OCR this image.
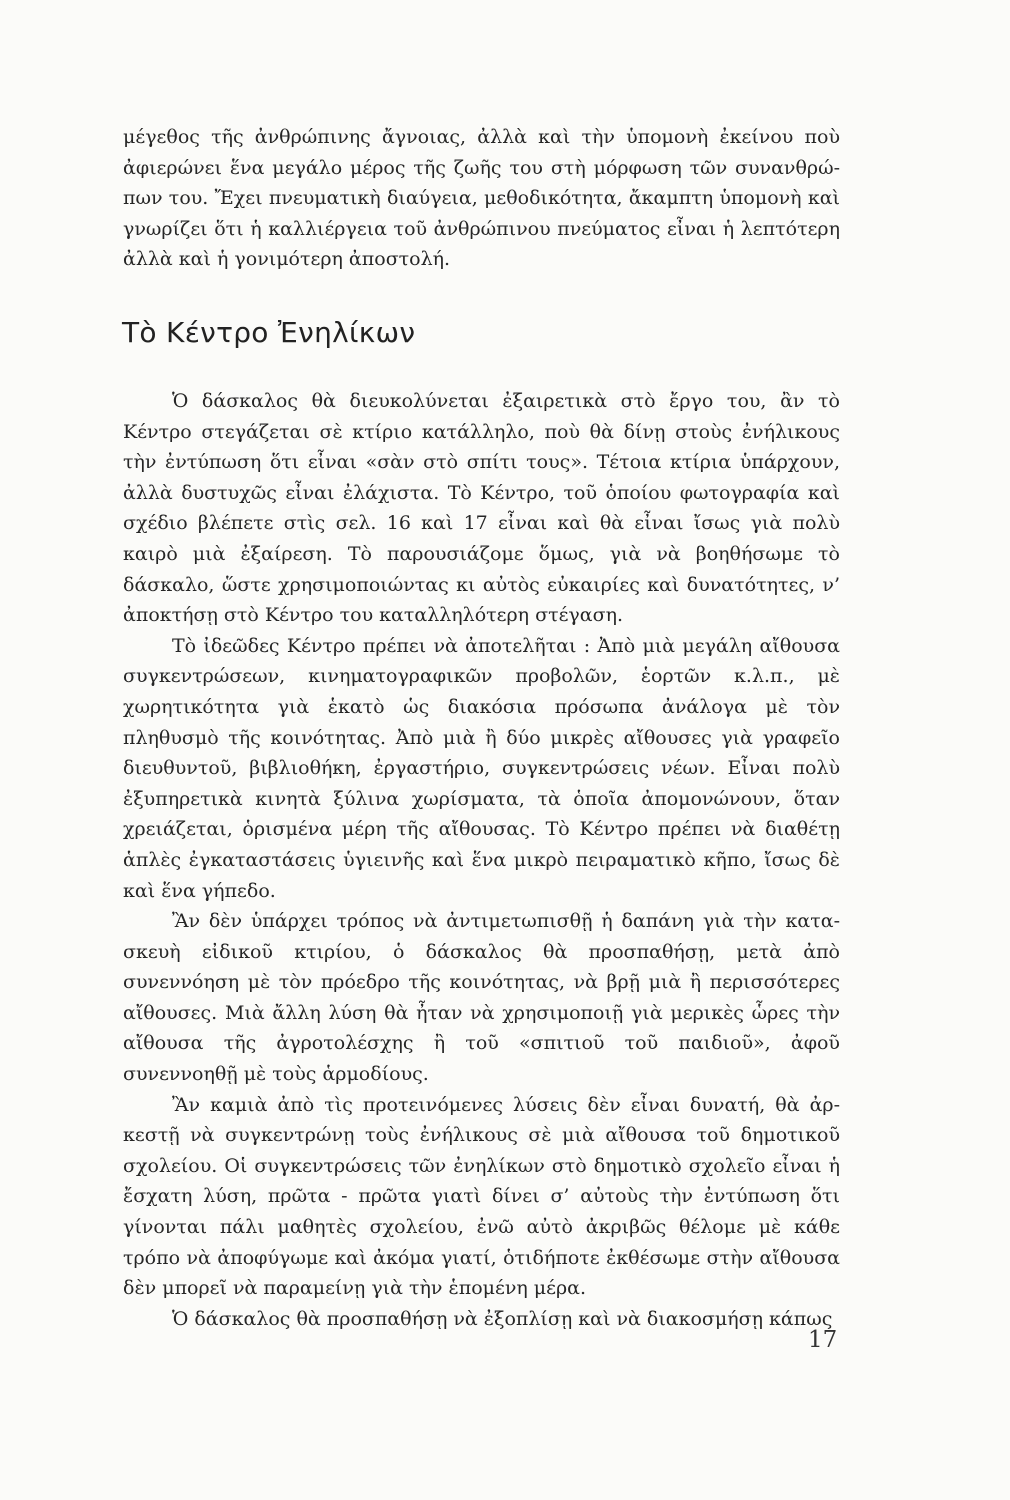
μέγεθος τῆς ἀνθρώπινης ἄγνοιας, ἀλλὰ καὶ τὴν ὑπομονὴ ἐκείνου ποὺ ἀφιερώνει ἕνα μεγάλο μέρος τῆς ζωῆς του στὴ μόρφωση τῶν συνανθρώπων του. Ἔχει πνευματικὴ διαύγεια, μεθοδικότητα, ἄκαμπτη ὑπομονὴ καὶ γνωρίζει ὅτι ἡ καλλιέργεια τοῦ ἀνθρώπινου πνεύματος εἶναι ἡ λεπτότερη ἀλλὰ καὶ ἡ γονιμότερη ἀποστολή.

Τὸ Κέντρο Ἐνηλίκων

Ὁ δάσκαλος θὰ διευκολύνεται ἐξαιρετικὰ στὸ ἔργο του, ἂν τὸ Κέντρο στεγάζεται σὲ κτίριο κατάλληλο, ποὺ θὰ δίνῃ στοὺς ἐνήλικους τὴν ἐντύπωση ὅτι εἶναι «σὰν στὸ σπίτι τους». Τέτοια κτίρια ὑπάρχουν, ἀλλὰ δυστυχῶς εἶναι ἐλάχιστα. Τὸ Κέντρο, τοῦ ὁποίου φωτογραφία καὶ σχέδιο βλέπετε στὶς σελ. 16 καὶ 17 εἶναι καὶ θὰ εἶναι ἴσως γιὰ πολὺ καιρὸ μιὰ ἐξαίρεση. Τὸ παρουσιάζομε ὅμως, γιὰ νὰ βοηθήσωμε τὸ δάσκαλο, ὥστε χρησιμοποιώντας κι αὐτὸς εὐκαιρίες καὶ δυνατότητες, ν’ ἀποκτήσῃ στὸ Κέντρο του καταλληλότερη στέγαση.

Τὸ ἰδεῶδες Κέντρο πρέπει νὰ ἀποτελῆται : Ἀπὸ μιὰ μεγάλη αἴθουσα συγκεντρώσεων, κινηματογραφικῶν προβολῶν, ἑορτῶν κ.λ.π., μὲ χωρητικότητα γιὰ ἑκατὸ ὡς διακόσια πρόσωπα ἀνάλογα μὲ τὸν πληθυσμὸ τῆς κοινότητας. Ἀπὸ μιὰ ἢ δύο μικρὲς αἴθουσες γιὰ γραφεῖο διευθυντοῦ, βιβλιοθήκη, ἐργαστήριο, συγκεντρώσεις νέων. Εἶναι πολὺ ἐξυπηρετικὰ κινητὰ ξύλινα χωρίσματα, τὰ ὁποῖα ἀπομονώνουν, ὅταν χρειάζεται, ὁρισμένα μέρη τῆς αἴθουσας. Τὸ Κέντρο πρέπει νὰ διαθέτῃ ἁπλὲς ἐγκαταστάσεις ὑγιεινῆς καὶ ἕνα μικρὸ πειραματικὸ κῆπο, ἴσως δὲ καὶ ἕνα γήπεδο.

Ἂν δὲν ὑπάρχει τρόπος νὰ ἀντιμετωπισθῇ ἡ δαπάνη γιὰ τὴν κατασκευὴ εἰδικοῦ κτιρίου, ὁ δάσκαλος θὰ προσπαθήσῃ, μετὰ ἀπὸ συνεννόηση μὲ τὸν πρόεδρο τῆς κοινότητας, νὰ βρῇ μιὰ ἢ περισσότερες αἴθουσες. Μιὰ ἄλλη λύση θὰ ἦταν νὰ χρησιμοποιῇ γιὰ μερικὲς ὧρες τὴν αἴθουσα τῆς ἀγροτολέσχης ἢ τοῦ «σπιτιοῦ τοῦ παιδιοῦ», ἀφοῦ συνεννοηθῇ μὲ τοὺς ἁρμοδίους.

Ἂν καμιὰ ἀπὸ τὶς προτεινόμενες λύσεις δὲν εἶναι δυνατή, θὰ ἀρκεστῇ νὰ συγκεντρώνῃ τοὺς ἐνήλικους σὲ μιὰ αἴθουσα τοῦ δημοτικοῦ σχολείου. Οἱ συγκεντρώσεις τῶν ἐνηλίκων στὸ δημοτικὸ σχολεῖο εἶναι ἡ ἔσχατη λύση, πρῶτα - πρῶτα γιατὶ δίνει σ’ αὐτοὺς τὴν ἐντύπωση ὅτι γίνονται πάλι μαθητὲς σχολείου, ἐνῶ αὐτὸ ἀκριβῶς θέλομε μὲ κάθε τρόπο νὰ ἀποφύγωμε καὶ ἀκόμα γιατί, ὁτιδήποτε ἐκθέσωμε στὴν αἴθουσα δὲν μπορεῖ νὰ παραμείνῃ γιὰ τὴν ἑπομένη μέρα.

Ὁ δάσκαλος θὰ προσπαθήσῃ νὰ ἐξοπλίσῃ καὶ νὰ διακοσμήσῃ κάπως

17
